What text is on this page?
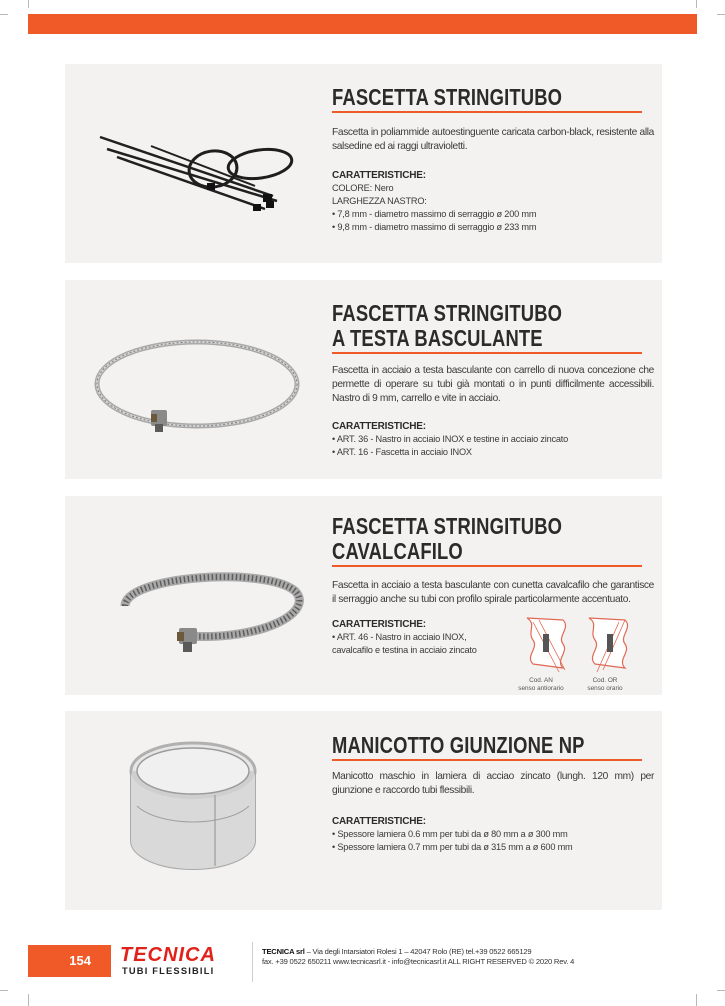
FASCETTA STRINGITUBO
Fascetta in poliammide autoestinguente caricata carbon-black, resistente alla salsedine ed ai raggi ultravioletti.
CARATTERISTICHE:
COLORE: Nero
LARGHEZZA NASTRO:
• 7,8 mm - diametro massimo di serraggio ø 200 mm
• 9,8 mm - diametro massimo di serraggio ø 233 mm
FASCETTA STRINGITUBO
A TESTA BASCULANTE
Fascetta in acciaio a testa basculante con carrello di nuova concezione che permette di operare su tubi già montati o in punti difficilmente accessibili. Nastro di 9 mm, carrello e vite in acciaio.
CARATTERISTICHE:
• ART. 36 - Nastro in acciaio INOX e testine in acciaio zincato
• ART. 16 - Fascetta in acciaio INOX
FASCETTA STRINGITUBO
CAVALCAFILO
Fascetta in acciaio a testa basculante con cunetta cavalcafilo che garantisce il serraggio anche su tubi con profilo spirale particolarmente accentuato.
CARATTERISTICHE:
• ART. 46 - Nastro in acciaio INOX,
cavalcafilo e testina in acciaio zincato
Cod. AN
senso antiorario
Cod. OR
senso orario
MANICOTTO GIUNZIONE NP
Manicotto maschio in lamiera di acciao zincato (lungh. 120 mm) per giunzione e raccordo tubi flessibili.
CARATTERISTICHE:
• Spessore lamiera 0.6 mm per tubi da ø 80 mm a ø 300 mm
• Spessore lamiera 0.7 mm per tubi da ø 315 mm a ø 600 mm
154	TECNICA
TUBI FLESSIBILI
TECNICA srl – Via degli Intarsiatori Rolesi 1 – 42047 Rolo (RE) tel.+39 0522 665129
fax. +39 0522 650211 www.tecnicasrl.it - info@tecnicasrl.it ALL RIGHT RESERVED © 2020 Rev. 4
